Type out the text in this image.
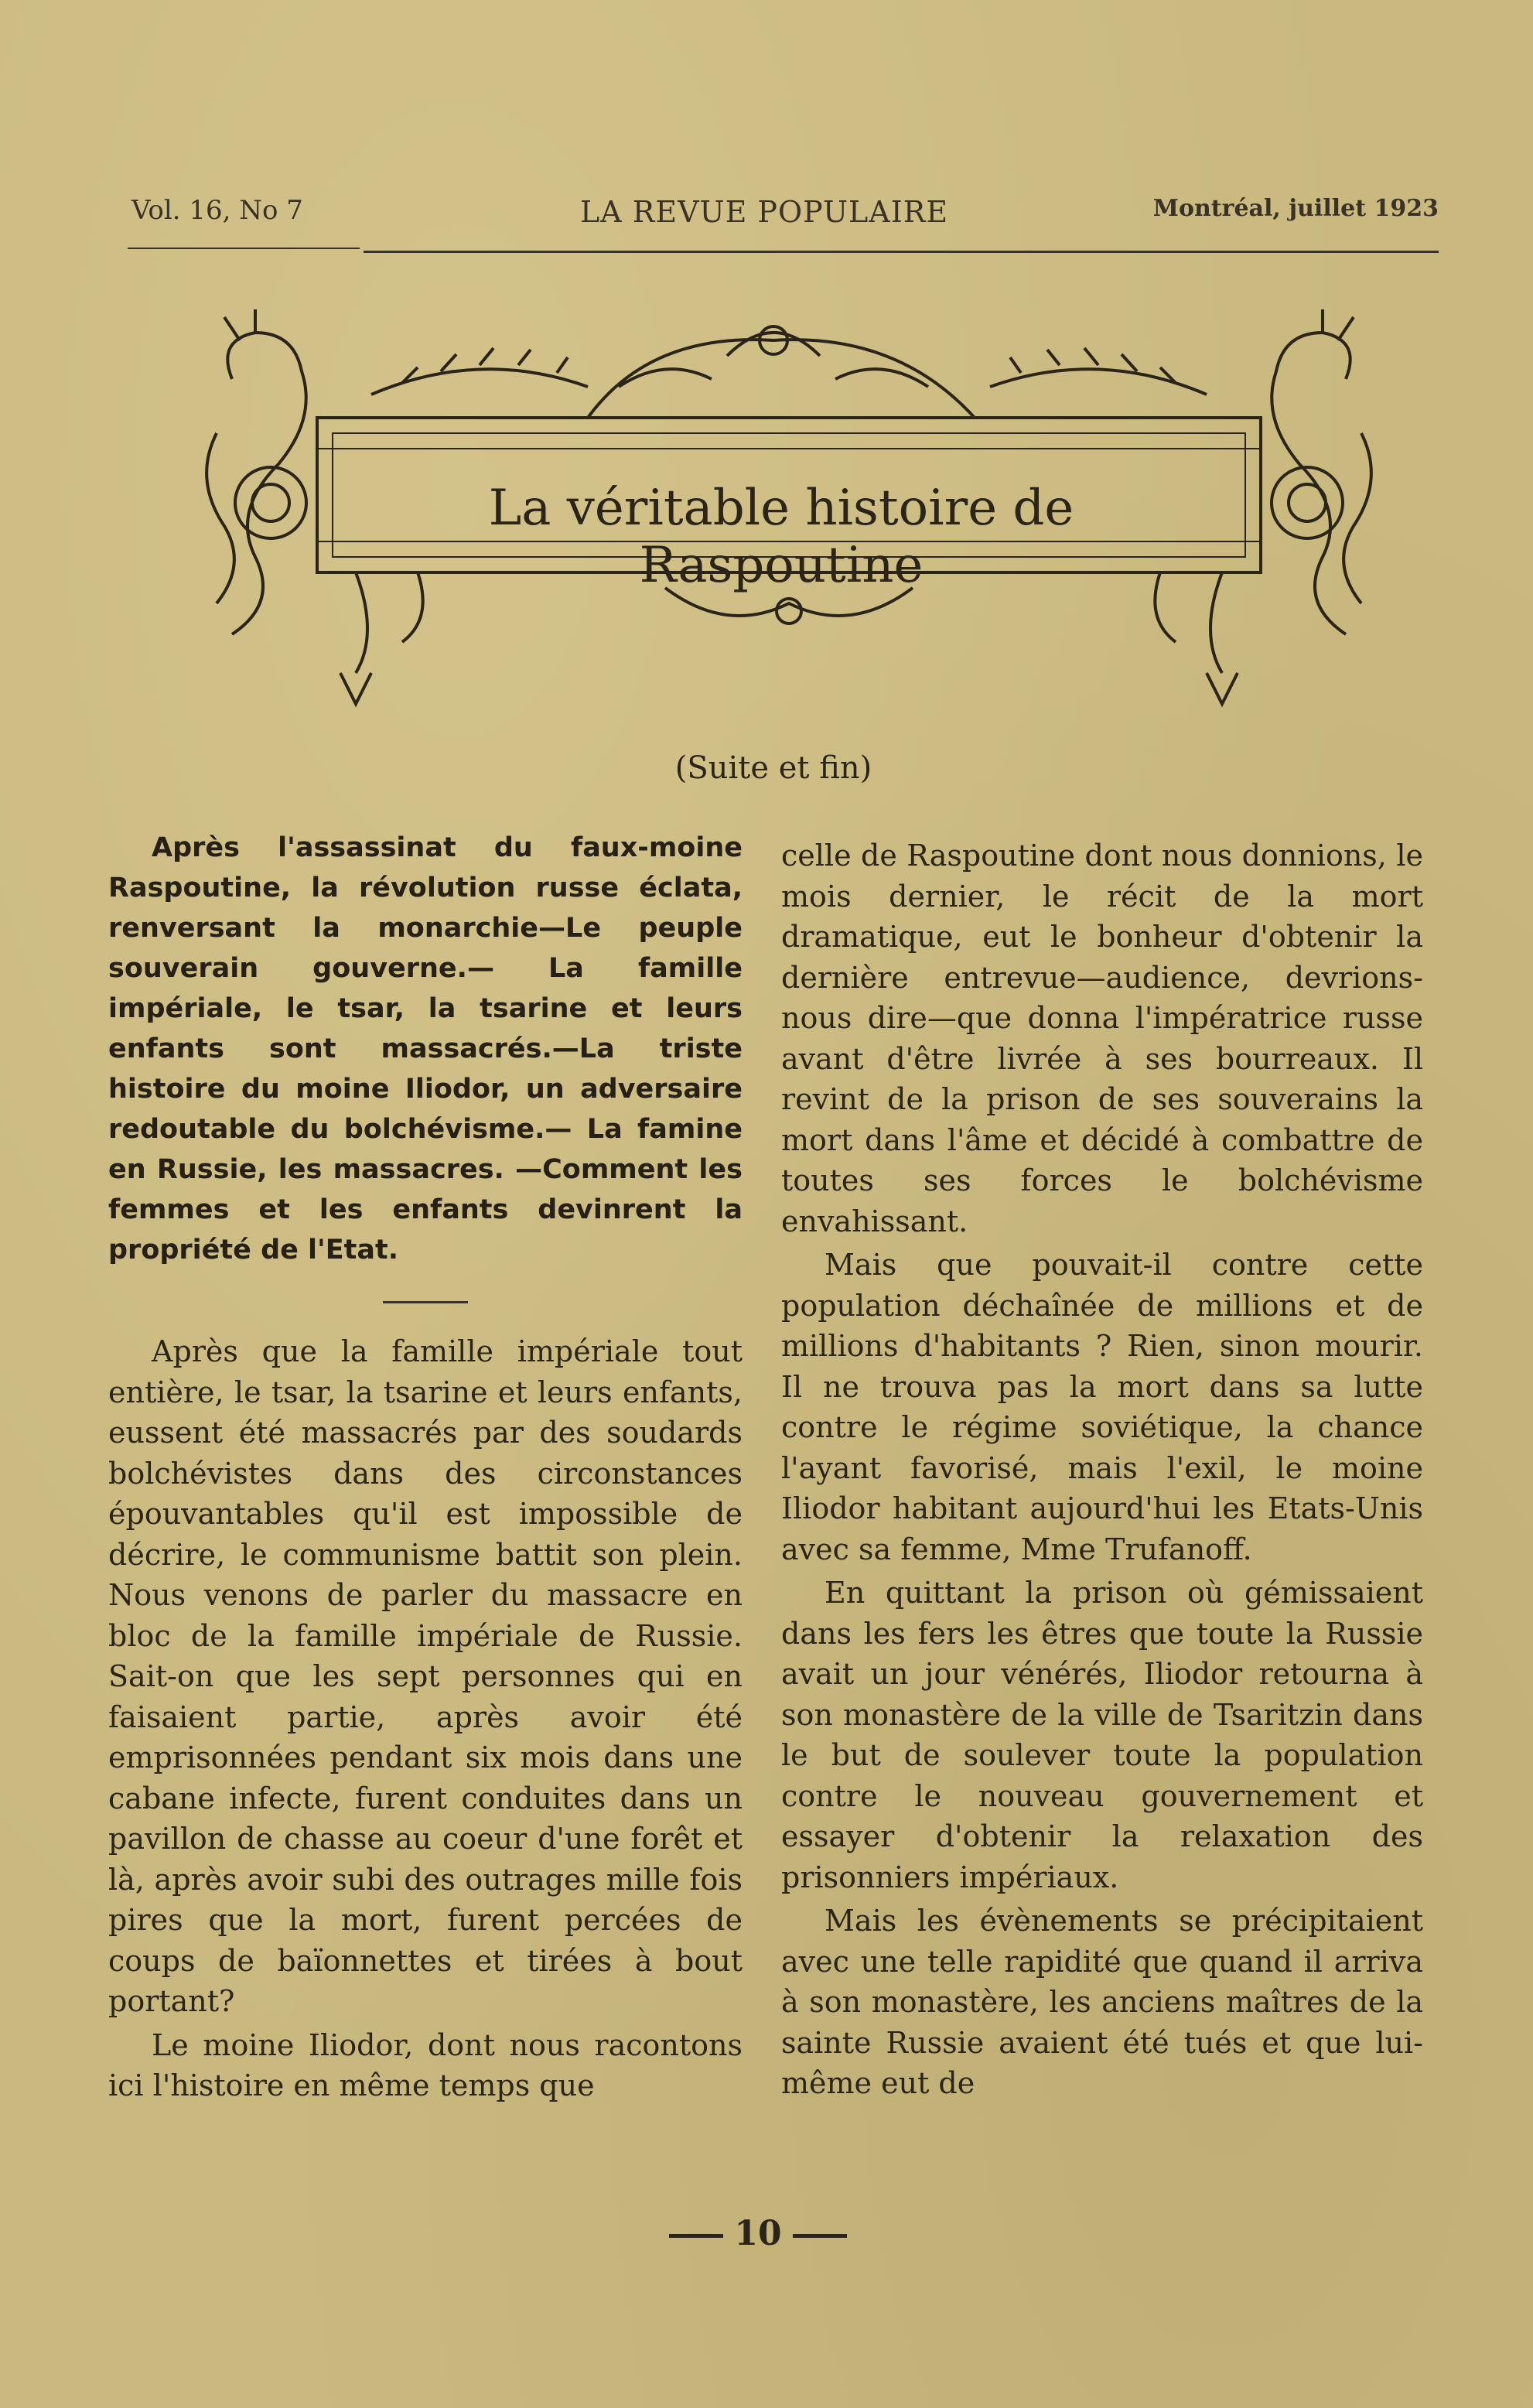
Vol. 16, No 7	LA REVUE POPULAIRE	Montréal, juillet 1923
La véritable histoire de Raspoutine
(Suite et fin)

Après l'assassinat du faux-moine Raspoutine, la révolution russe éclata, renversant la monarchie—Le peuple souverain gouverne.— La famille impériale, le tsar, la tsarine et leurs enfants sont massacrés.—La triste histoire du moine Iliodor, un adversaire redoutable du bolchévisme.— La famine en Russie, les massacres. —Comment les femmes et les enfants devinrent la propriété de l'Etat.

Après que la famille impériale tout entière, le tsar, la tsarine et leurs enfants, eussent été massacrés par des soudards bolchévistes dans des circonstances épouvantables qu'il est impossible de décrire, le communisme battit son plein. Nous venons de parler du massacre en bloc de la famille impériale de Russie. Sait-on que les sept personnes qui en faisaient partie, après avoir été emprisonnées pendant six mois dans une cabane infecte, furent conduites dans un pavillon de chasse au coeur d'une forêt et là, après avoir subi des outrages mille fois pires que la mort, furent percées de coups de baïonnettes et tirées à bout portant?

Le moine Iliodor, dont nous racontons ici l'histoire en même temps que

celle de Raspoutine dont nous donnions, le mois dernier, le récit de la mort dramatique, eut le bonheur d'obtenir la dernière entrevue—audience, devrions-nous dire—que donna l'impératrice russe avant d'être livrée à ses bourreaux. Il revint de la prison de ses souverains la mort dans l'âme et décidé à combattre de toutes ses forces le bolchévisme envahissant.

Mais que pouvait-il contre cette population déchaînée de millions et de millions d'habitants ? Rien, sinon mourir. Il ne trouva pas la mort dans sa lutte contre le régime soviétique, la chance l'ayant favorisé, mais l'exil, le moine Iliodor habitant aujourd'hui les Etats-Unis avec sa femme, Mme Trufanoff.

En quittant la prison où gémissaient dans les fers les êtres que toute la Russie avait un jour vénérés, Iliodor retourna à son monastère de la ville de Tsaritzin dans le but de soulever toute la population contre le nouveau gouvernement et essayer d'obtenir la relaxation des prisonniers impériaux.

Mais les évènements se précipitaient avec une telle rapidité que quand il arriva à son monastère, les anciens maîtres de la sainte Russie avaient été tués et que lui-même eut de

10
